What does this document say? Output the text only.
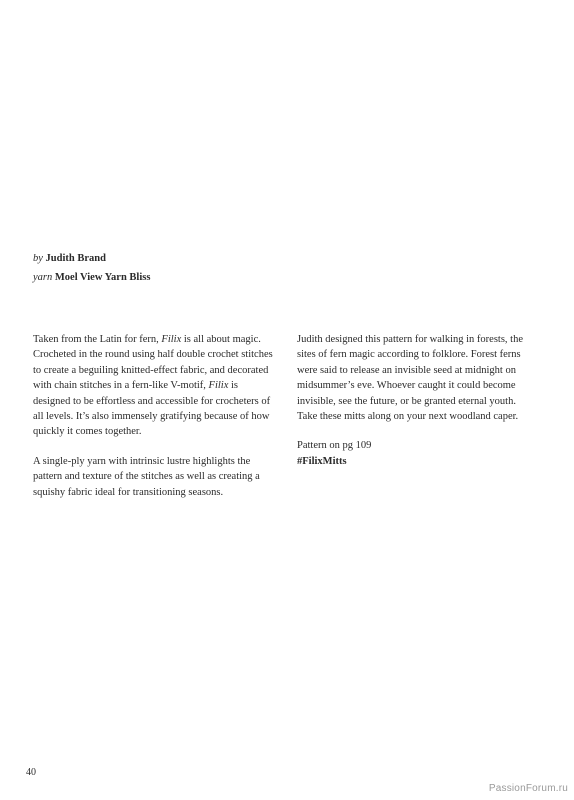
by Judith Brand
yarn Moel View Yarn Bliss

Taken from the Latin for fern, Filix is all about magic. Crocheted in the round using half double crochet stitches to create a beguiling knitted-effect fabric, and decorated with chain stitches in a fern-like V-motif, Filix is designed to be effortless and accessible for crocheters of all levels. It’s also immensely gratifying because of how quickly it comes together.

A single-ply yarn with intrinsic lustre highlights the pattern and texture of the stitches as well as creating a squishy fabric ideal for transitioning seasons.

Judith designed this pattern for walking in forests, the sites of fern magic according to folklore. Forest ferns were said to release an invisible seed at midnight on midsummer’s eve. Whoever caught it could become invisible, see the future, or be granted eternal youth. Take these mitts along on your next woodland caper.

Pattern on pg 109
#FilixMitts

40
PassionForum.ru
